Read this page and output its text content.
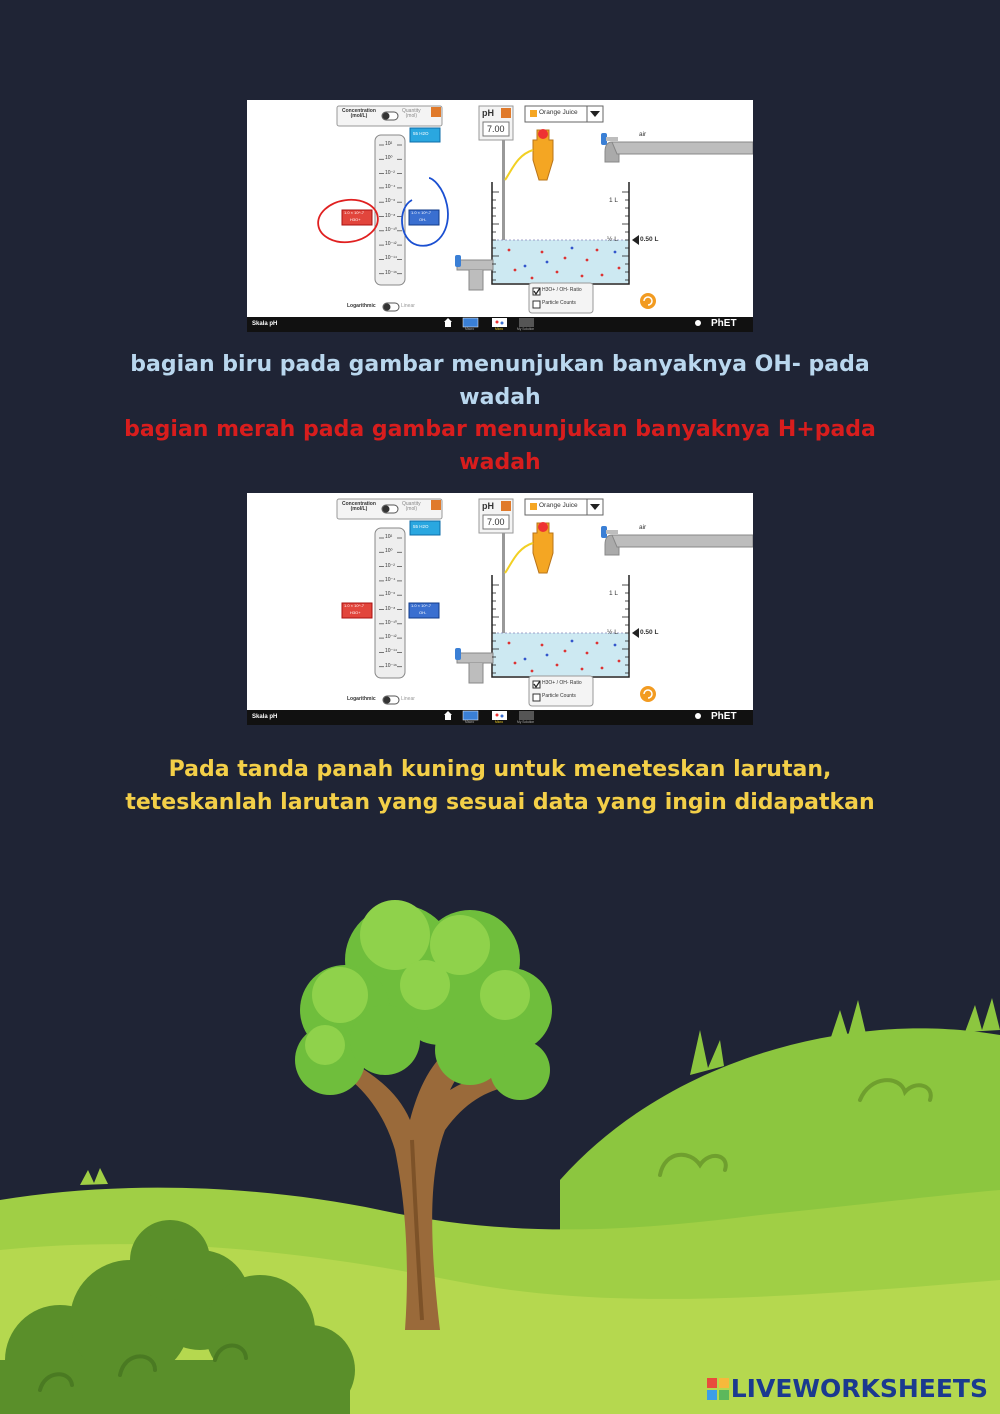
Concentration
(mol/L)
Quantity
(mol)
55 H2O
1.0 × 10^-7
H3O+
1.0 × 10^-7
OH-
Logarithmic	Linear
pH
7.00
Orange Juice
air
1 L
½ L	0.50 L
H3O+ / OH- Ratio
Particle Counts
Skala pH
Macro	Micro	My Solution	PhET
10²
10⁰
10⁻²
10⁻⁴
10⁻⁶
10⁻⁸
10⁻¹⁰
10⁻¹²
10⁻¹⁴
10⁻¹⁶
Concentration
(mol/L)
Quantity
(mol)
55 H2O
1.0 × 10^-7
H3O+
1.0 × 10^-7
OH-
Logarithmic	Linear
pH
7.00
Orange Juice
air
1 L
½ L	0.50 L
H3O+ / OH- Ratio
Particle Counts
Skala pH
Macro	Micro	My Solution	PhET
10²
10⁰
10⁻²
10⁻⁴
10⁻⁶
10⁻⁸
10⁻¹⁰
10⁻¹²
10⁻¹⁴
10⁻¹⁶
bagian biru pada gambar menunjukan banyaknya OH- pada wadah
bagian merah pada gambar menunjukan banyaknya H+pada wadah
Pada tanda panah kuning untuk meneteskan larutan, teteskanlah larutan yang sesuai data yang ingin didapatkan
LIVEWORKSHEETS
